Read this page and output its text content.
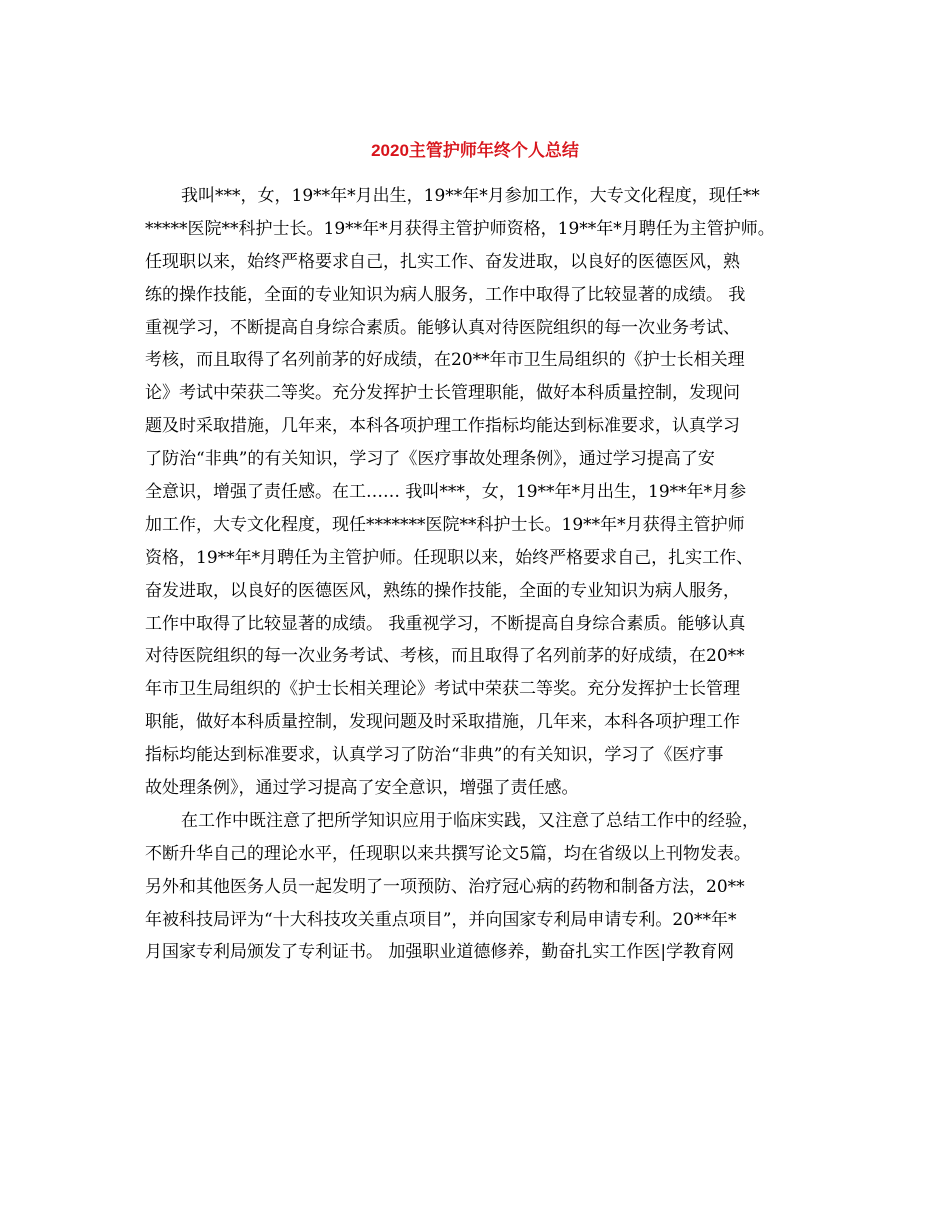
2020主管护师年终个人总结
我叫***，女，19**年*月出生，19**年*月参加工作，大专文化程度，现任**
*****医院**科护士长。19**年*月获得主管护师资格，19**年*月聘任为主管护师。
任现职以来，始终严格要求自己，扎实工作、奋发进取，以良好的医德医风，熟
练的操作技能，全面的专业知识为病人服务，工作中取得了比较显著的成绩。 我
重视学习，不断提高自身综合素质。能够认真对待医院组织的每一次业务考试、
考核，而且取得了名列前茅的好成绩，在20**年市卫生局组织的《护士长相关理
论》考试中荣获二等奖。充分发挥护士长管理职能，做好本科质量控制，发现问
题及时采取措施，几年来，本科各项护理工作指标均能达到标准要求，认真学习
了防治“非典”的有关知识，学习了《医疗事故处理条例》，通过学习提高了安
全意识，增强了责任感。在工…… 我叫***，女，19**年*月出生，19**年*月参
加工作，大专文化程度，现任*******医院**科护士长。19**年*月获得主管护师
资格，19**年*月聘任为主管护师。任现职以来，始终严格要求自己，扎实工作、
奋发进取，以良好的医德医风，熟练的操作技能，全面的专业知识为病人服务，
工作中取得了比较显著的成绩。 我重视学习，不断提高自身综合素质。能够认真
对待医院组织的每一次业务考试、考核，而且取得了名列前茅的好成绩，在20**
年市卫生局组织的《护士长相关理论》考试中荣获二等奖。充分发挥护士长管理
职能，做好本科质量控制，发现问题及时采取措施，几年来，本科各项护理工作
指标均能达到标准要求，认真学习了防治“非典”的有关知识，学习了《医疗事
故处理条例》，通过学习提高了安全意识，增强了责任感。
在工作中既注意了把所学知识应用于临床实践，又注意了总结工作中的经验，
不断升华自己的理论水平，任现职以来共撰写论文5篇，均在省级以上刊物发表。
另外和其他医务人员一起发明了一项预防、治疗冠心病的药物和制备方法，20**
年被科技局评为“十大科技攻关重点项目”，并向国家专利局申请专利。20**年*
月国家专利局颁发了专利证书。 加强职业道德修养，勤奋扎实工作医|学教育网
